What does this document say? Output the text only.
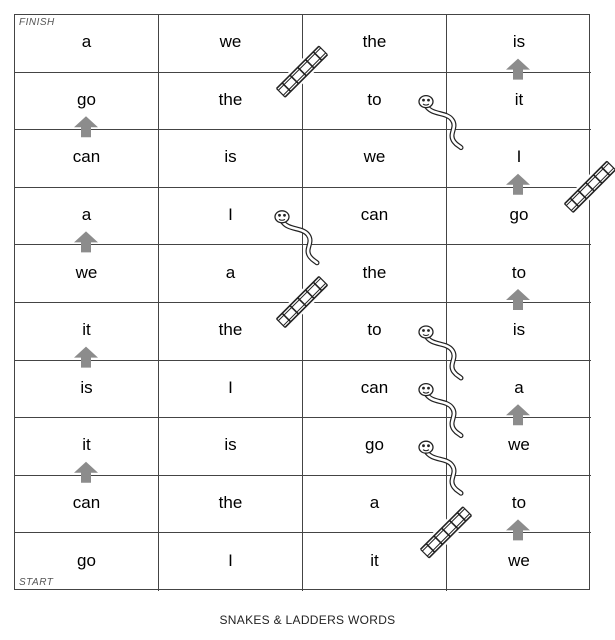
we
it
I
go
to
a
the
can
we
go
is
it
a
can
I
is
is
to
the
it
to
the
a
we
go
can
I
a
I
we
is
can
it
to
the
go
is
the
we
a
FINISH
START
SNAKES & LADDERS WORDS
